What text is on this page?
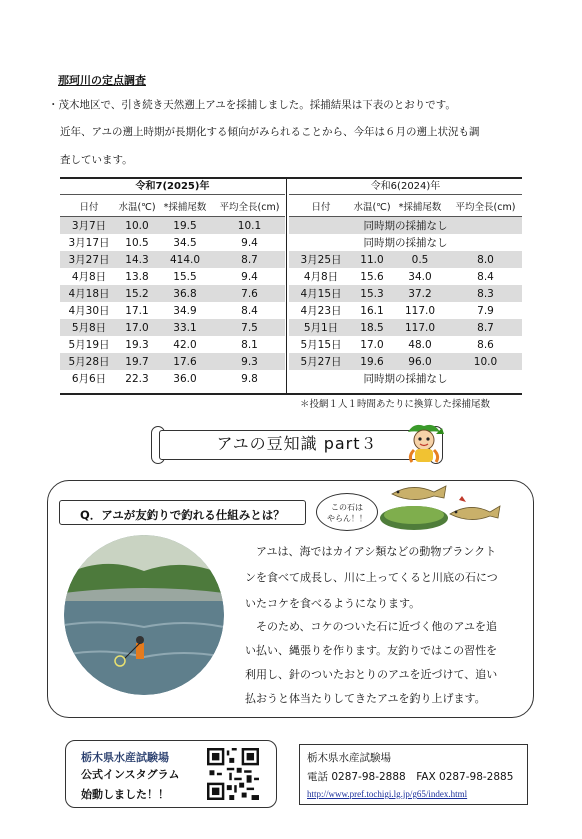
那珂川の定点調査
・茂木地区で、引き続き天然遡上アユを採捕しました。採捕結果は下表のとおりです。
近年、アユの遡上時期が長期化する傾向がみられることから、今年は６月の遡上状況も調
査しています。
令和7(2025)年
日付	水温(℃) *採捕尾数	平均全長(cm)
3月7日	10.0	19.5	10.1
3月17日	10.5	34.5	9.4
3月27日	14.3	414.0	8.7
4月8日	13.8	15.5	9.4
4月18日	15.2	36.8	7.6
4月30日	17.1	34.9	8.4
5月8日	17.0	33.1	7.5
5月19日	19.3	42.0	8.1
5月28日	19.7	17.6	9.3
6月6日	22.3	36.0	9.8
令和6(2024)年
日付	水温(℃) *採捕尾数	平均全長(cm)
同時期の採捕なし
同時期の採捕なし
3月25日	11.0	0.5	8.0
4月8日	15.6	34.0	8.4
4月15日	15.3	37.2	8.3
4月23日	16.1	117.0	7.9
5月1日	18.5	117.0	8.7
5月15日	17.0	48.0	8.6
5月27日	19.6	96.0	10.0
同時期の採捕なし
＊投網１人１時間あたりに換算した採捕尾数
アユの豆知識 part３
Q．アユが友釣りで釣れる仕組みとは？
この石は
やらん！！
アユは、海ではカイアシ類などの動物プランクト
ンを食べて成長し、川に上ってくると川底の石につ
いたコケを食べるようになります。
そのため、コケのついた石に近づく他のアユを追
い払い、縄張りを作ります。友釣りではこの習性を
利用し、針のついたおとりのアユを近づけて、追い
払おうと体当たりしてきたアユを釣り上げます。
栃木県水産試験場
公式インスタグラム
始動しました！！
栃木県水産試験場
電話 0287-98-2888　FAX 0287-98-2885
http://www.pref.tochigi.lg.jp/g65/index.html
